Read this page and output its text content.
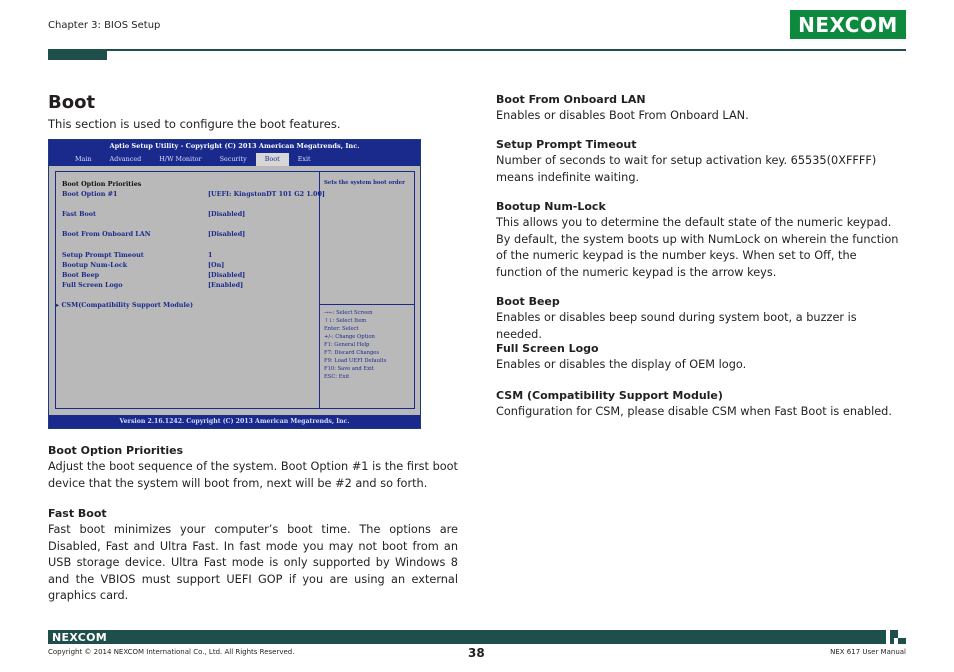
Chapter 3: BIOS Setup	NEXCOM
Boot
This section is used to configure the boot features.
Aptio Setup Utility - Copyright (C) 2013 American Megatrends, Inc.
Main	Advanced	H/W Monitor	Security	Boot	Exit
Boot Option Priorities
Boot Option #1	[UEFI: KingstonDT 101 G2 1.00]
Fast Boot	[Disabled]
Boot From Onboard LAN	[Disabled]
Setup Prompt Timeout	1
Bootup Num-Lock	[On]
Boot Beep	[Disabled]
Full Screen Logo	[Enabled]
▸ CSM(Compatibility Support Module)
Sets the system boot order
→←: Select Screen
↑↓: Select Item
Enter: Select
+/-: Change Option
F1: General Help
F7: Discard Changes
F9: Load UEFI Defaults
F10: Save and Exit
ESC: Exit
Version 2.16.1242. Copyright (C) 2013 American Megatrends, Inc.
Boot Option Priorities
Adjust the boot sequence of the system. Boot Option #1 is the first boot device that the system will boot from, next will be #2 and so forth.
Fast Boot
Fast boot minimizes your computer’s boot time. The options are Disabled, Fast and Ultra Fast. In fast mode you may not boot from an USB storage device. Ultra Fast mode is only supported by Windows 8 and the VBIOS must support UEFI GOP if you are using an external graphics card.
Boot From Onboard LAN
Enables or disables Boot From Onboard LAN.
Setup Prompt Timeout
Number of seconds to wait for setup activation key. 65535(0XFFFF) means indefinite waiting.
Bootup Num-Lock
This allows you to determine the default state of the numeric keypad. By default, the system boots up with NumLock on wherein the function of the numeric keypad is the number keys. When set to Off, the function of the numeric keypad is the arrow keys.
Boot Beep
Enables or disables beep sound during system boot, a buzzer is needed.
Full Screen Logo
Enables or disables the display of OEM logo.
CSM (Compatibility Support Module)
Configuration for CSM, please disable CSM when Fast Boot is enabled.
NEXCOM
Copyright © 2014 NEXCOM International Co., Ltd. All Rights Reserved.	38	NEX 617 User Manual
